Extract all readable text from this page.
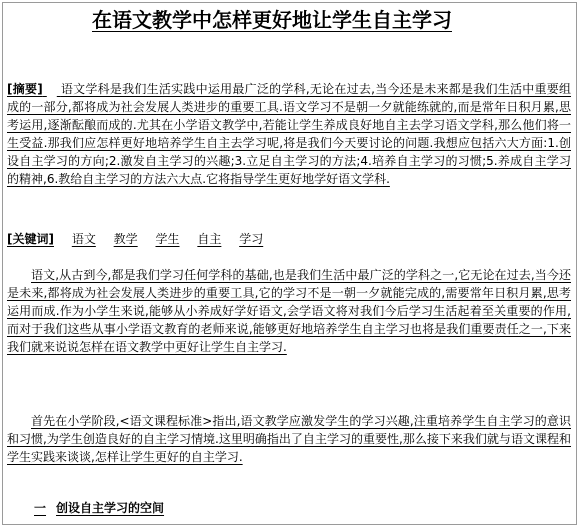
在语文教学中怎样更好地让学生自主学习
[摘要] 语文学科是我们生活实践中运用最广泛的学科,无论在过去,当今还是未来都是我们生活中重要组成的一部分,都将成为社会发展人类进步的重要工具.语文学习不是朝一夕就能练就的,而是常年日积月累,思考运用,逐渐酝酿而成的.尤其在小学语文教学中,若能让学生养成良好地自主去学习语文学科,那么他们将一生受益.那我们应怎样更好地培养学生自主去学习呢,将是我们今天要讨论的问题.我想应包括六大方面:1.创设自主学习的方向;2.激发自主学习的兴趣;3.立足自主学习的方法;4.培养自主学习的习惯;5.养成自主学习的精神,6.教给自主学习的方法六大点.它将指导学生更好地学好语文学科.
[关键词] 语文 教学 学生 自主 学习
语文,从古到今,都是我们学习任何学科的基础,也是我们生活中最广泛的学科之一,它无论在过去,当今还是未来,都将成为社会发展人类进步的重要工具,它的学习不是一朝一夕就能完成的,需要常年日积月累,思考运用而成.作为小学生来说,能够从小养成好学好语文,会学语文将对我们今后学习生活起着至关重要的作用,而对于我们这些从事小学语文教育的老师来说,能够更好地培养学生自主学习也将是我们重要责任之一,下来我们就来说说怎样在语文教学中更好让学生自主学习.
首先在小学阶段,<语文课程标准>指出,语文教学应激发学生的学习兴趣,注重培养学生自主学习的意识和习惯,为学生创造良好的自主学习情境.这里明确指出了自主学习的重要性,那么接下来我们就与语文课程和学生实践来谈谈,怎样让学生更好的自主学习.
一 创设自主学习的空间
